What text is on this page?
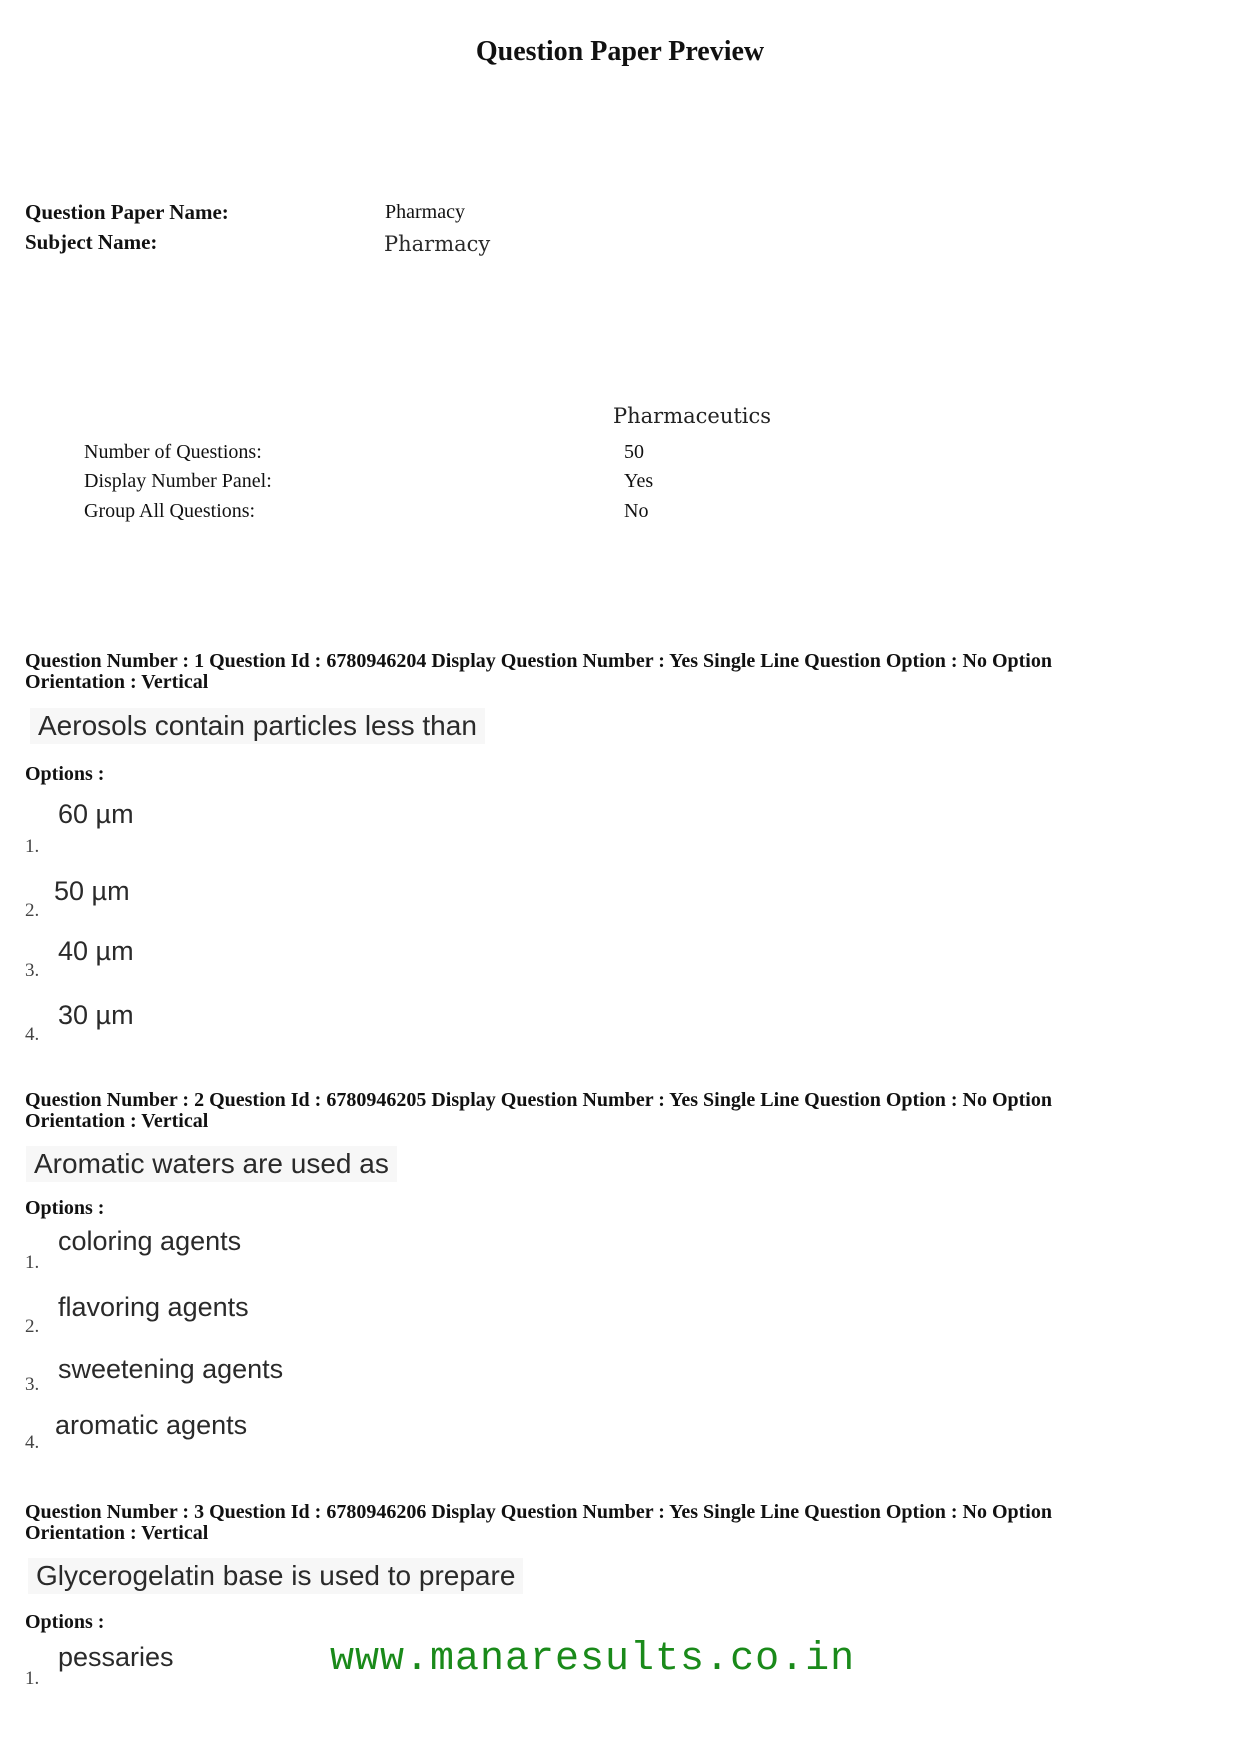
Question Paper Preview
Question Paper Name:	Pharmacy
Subject Name:	Pharmacy
Pharmaceutics
Number of Questions:	50
Display Number Panel:	Yes
Group All Questions:	No
Question Number : 1 Question Id : 6780946204 Display Question Number : Yes Single Line Question Option : No Option
Orientation : Vertical
Aerosols contain particles less than
Options :
1.
60 µm
2.
50 µm
3.
40 µm
4.
30 µm
Question Number : 2 Question Id : 6780946205 Display Question Number : Yes Single Line Question Option : No Option
Orientation : Vertical
Aromatic waters are used as
Options :
1.
coloring agents
2.
flavoring agents
3.
sweetening agents
4.
aromatic agents
Question Number : 3 Question Id : 6780946206 Display Question Number : Yes Single Line Question Option : No Option
Orientation : Vertical
Glycerogelatin base is used to prepare
Options :
1.
pessaries	www.manaresults.co.in
